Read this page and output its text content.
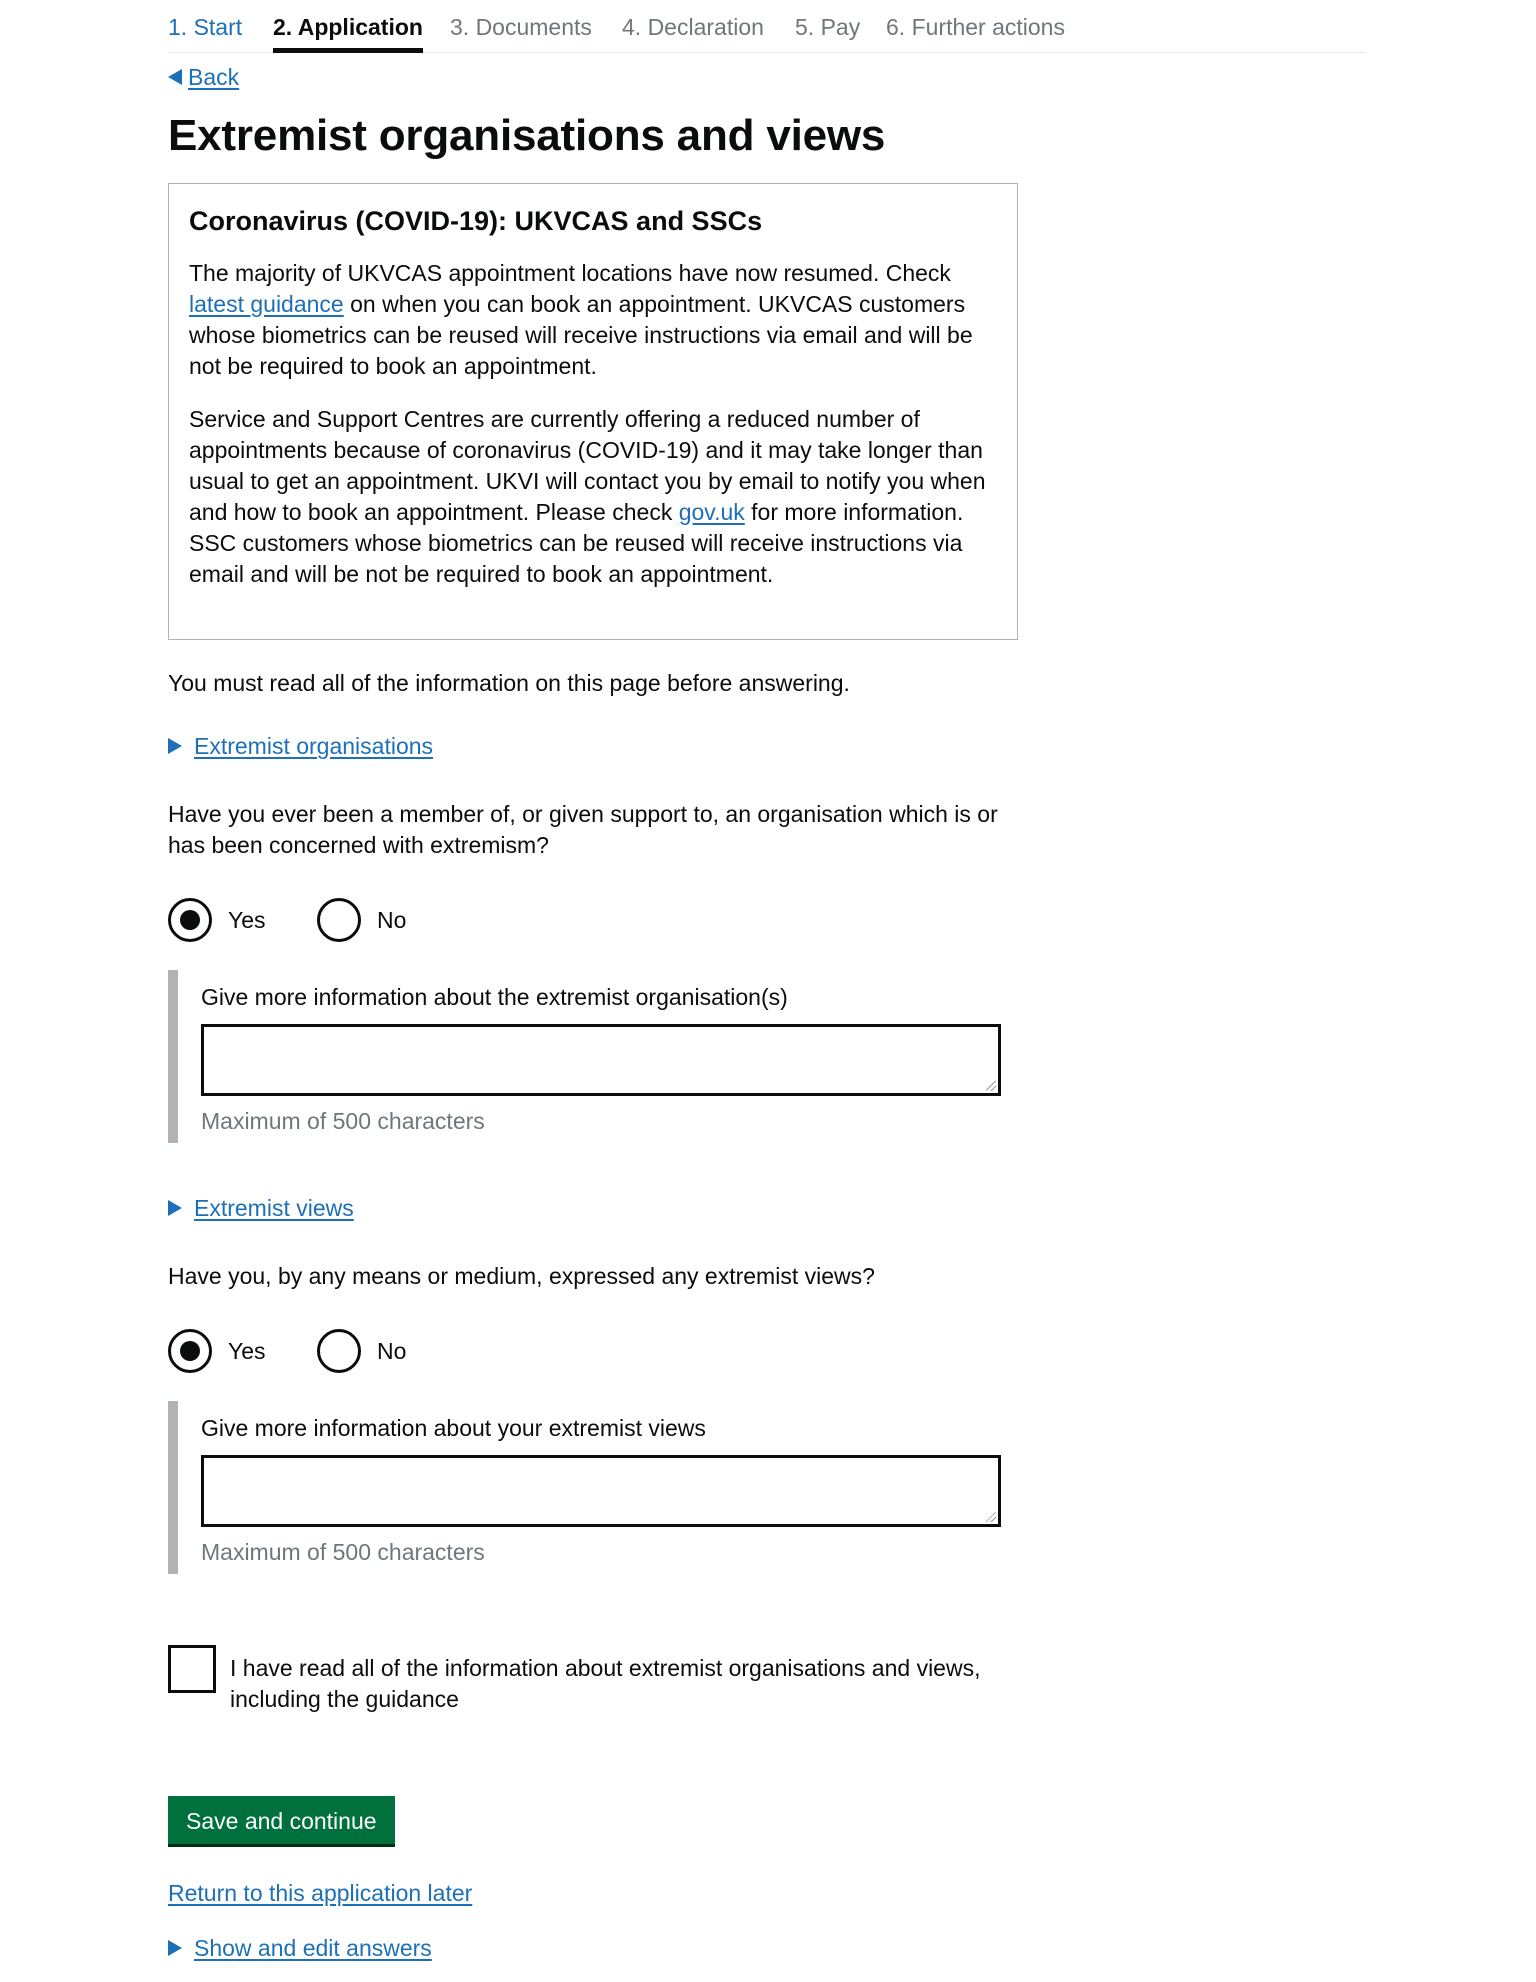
1. Start 2. Application 3. Documents 4. Declaration 5. Pay 6. Further actions
Back
Extremist organisations and views
Coronavirus (COVID-19): UKVCAS and SSCs

The majority of UKVCAS appointment locations have now resumed. Check latest guidance on when you can book an appointment. UKVCAS customers whose biometrics can be reused will receive instructions via email and will be not be required to book an appointment.

Service and Support Centres are currently offering a reduced number of appointments because of coronavirus (COVID-19) and it may take longer than usual to get an appointment. UKVI will contact you by email to notify you when and how to book an appointment. Please check gov.uk for more information. SSC customers whose biometrics can be reused will receive instructions via email and will be not be required to book an appointment.

You must read all of the information on this page before answering.

Extremist organisations

Have you ever been a member of, or given support to, an organisation which is or has been concerned with extremism?

Yes	No
Give more information about the extremist organisation(s)
Maximum of 500 characters
Extremist views

Have you, by any means or medium, expressed any extremist views?

Yes	No
Give more information about your extremist views
Maximum of 500 characters
I have read all of the information about extremist organisations and views, including the guidance
Save and continue
Return to this application later
Show and edit answers
